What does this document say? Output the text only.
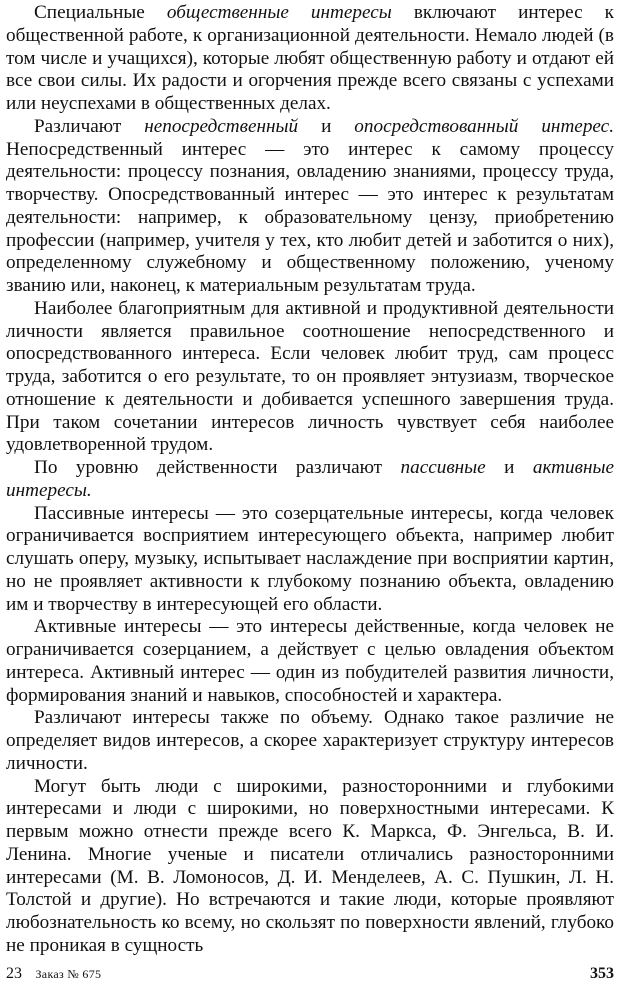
Специальные общественные интересы включают интерес к общественной работе, к организационной деятельности. Немало людей (в том числе и учащихся), которые любят общественную работу и отдают ей все свои силы. Их радости и огорчения прежде всего связаны с успехами или неуспехами в общественных делах.

Различают непосредственный и опосредствованный интерес. Непосредственный интерес — это интерес к самому процессу деятельности: процессу познания, овладению знаниями, процессу труда, творчеству. Опосредствованный интерес — это интерес к результатам деятельности: например, к образовательному цензу, приобретению профессии (например, учителя у тех, кто любит детей и заботится о них), определенному служебному и общественному положению, ученому званию или, наконец, к материальным результатам труда.

Наиболее благоприятным для активной и продуктивной деятельности личности является правильное соотношение непосредственного и опосредствованного интереса. Если человек любит труд, сам процесс труда, заботится о его результате, то он проявляет энтузиазм, творческое отношение к деятельности и добивается успешного завершения труда. При таком сочетании интересов личность чувствует себя наиболее удовлетворенной трудом.

По уровню действенности различают пассивные и активные интересы.

Пассивные интересы — это созерцательные интересы, когда человек ограничивается восприятием интересующего объекта, например любит слушать оперу, музыку, испытывает наслаждение при восприятии картин, но не проявляет активности к глубокому познанию объекта, овладению им и творчеству в интересующей его области.

Активные интересы — это интересы действенные, когда человек не ограничивается созерцанием, а действует с целью овладения объектом интереса. Активный интерес — один из побудителей развития личности, формирования знаний и навыков, способностей и характера.

Различают интересы также по объему. Однако такое различие не определяет видов интересов, а скорее характеризует структуру интересов личности.

Могут быть люди с широкими, разносторонними и глубокими интересами и люди с широкими, но поверхностными интересами. К первым можно отнести прежде всего К. Маркса, Ф. Энгельса, В. И. Ленина. Многие ученые и писатели отличались разносторонними интересами (М. В. Ломоносов, Д. И. Менделеев, А. С. Пушкин, Л. Н. Толстой и другие). Но встречаются и такие люди, которые проявляют любознательность ко всему, но скользят по поверхности явлений, глубоко не проникая в сущность

23 Заказ № 675	353
